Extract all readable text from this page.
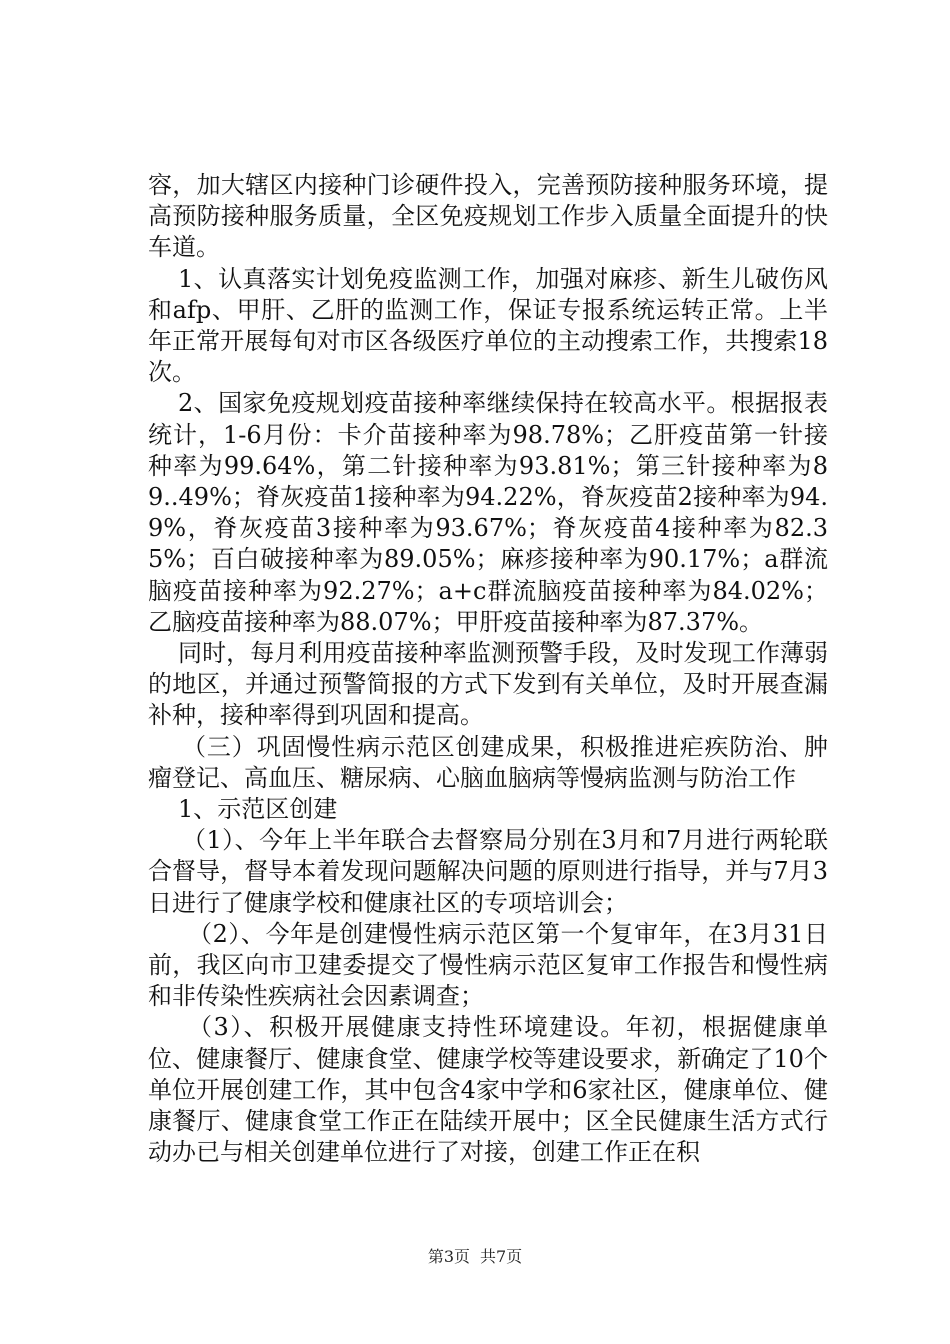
容，加大辖区内接种门诊硬件投入，完善预防接种服务环境，提高预防接种服务质量，全区免疫规划工作步入质量全面提升的快车道。

1、认真落实计划免疫监测工作，加强对麻疹、新生儿破伤风和afp、甲肝、乙肝的监测工作，保证专报系统运转正常。上半年正常开展每旬对市区各级医疗单位的主动搜索工作，共搜索18次。

2、国家免疫规划疫苗接种率继续保持在较高水平。根据报表统计，1-6月份：卡介苗接种率为98.78%；乙肝疫苗第一针接种率为99.64%，第二针接种率为93.81%；第三针接种率为89..49%；脊灰疫苗1接种率为94.22%，脊灰疫苗2接种率为94.9%，脊灰疫苗3接种率为93.67%；脊灰疫苗4接种率为82.35%；百白破接种率为89.05%；麻疹接种率为90.17%；a群流脑疫苗接种率为92.27%；a+c群流脑疫苗接种率为84.02%；乙脑疫苗接种率为88.07%；甲肝疫苗接种率为87.37%。

同时，每月利用疫苗接种率监测预警手段，及时发现工作薄弱的地区，并通过预警简报的方式下发到有关单位，及时开展查漏补种，接种率得到巩固和提高。

（三）巩固慢性病示范区创建成果，积极推进疟疾防治、肿瘤登记、高血压、糖尿病、心脑血脑病等慢病监测与防治工作

1、示范区创建

（1）、今年上半年联合去督察局分别在3月和7月进行两轮联合督导，督导本着发现问题解决问题的原则进行指导，并与7月3日进行了健康学校和健康社区的专项培训会；

（2）、今年是创建慢性病示范区第一个复审年，在3月31日前，我区向市卫建委提交了慢性病示范区复审工作报告和慢性病和非传染性疾病社会因素调查；

（3）、积极开展健康支持性环境建设。年初，根据健康单位、健康餐厅、健康食堂、健康学校等建设要求，新确定了10个单位开展创建工作，其中包含4家中学和6家社区，健康单位、健康餐厅、健康食堂工作正在陆续开展中；区全民健康生活方式行动办已与相关创建单位进行了对接，创建工作正在积

第3页 共7页
